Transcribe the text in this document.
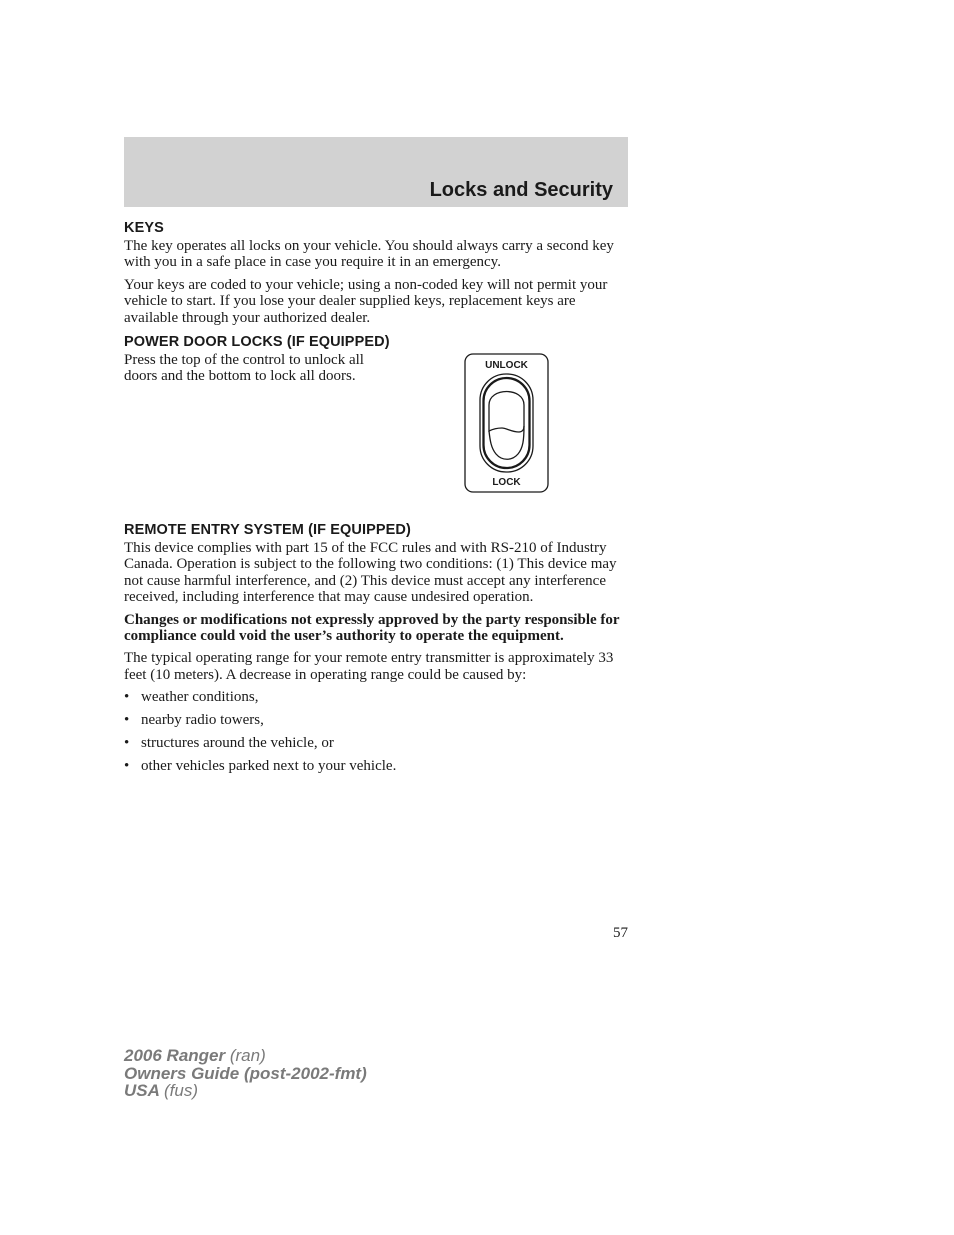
Locks and Security
KEYS

The key operates all locks on your vehicle. You should always carry a second key with you in a safe place in case you require it in an emergency.

Your keys are coded to your vehicle; using a non-coded key will not permit your vehicle to start. If you lose your dealer supplied keys, replacement keys are available through your authorized dealer.

POWER DOOR LOCKS (IF EQUIPPED)

Press the top of the control to unlock all doors and the bottom to lock all doors.

UNLOCK
LOCK
REMOTE ENTRY SYSTEM (IF EQUIPPED)

This device complies with part 15 of the FCC rules and with RS-210 of Industry Canada. Operation is subject to the following two conditions: (1) This device may not cause harmful interference, and (2) This device must accept any interference received, including interference that may cause undesired operation.

Changes or modifications not expressly approved by the party responsible for compliance could void the user’s authority to operate the equipment.

The typical operating range for your remote entry transmitter is approximately 33 feet (10 meters). A decrease in operating range could be caused by:

• weather conditions,
• nearby radio towers,
• structures around the vehicle, or
• other vehicles parked next to your vehicle.
57
2006 Ranger (ran)
Owners Guide (post-2002-fmt)
USA (fus)
